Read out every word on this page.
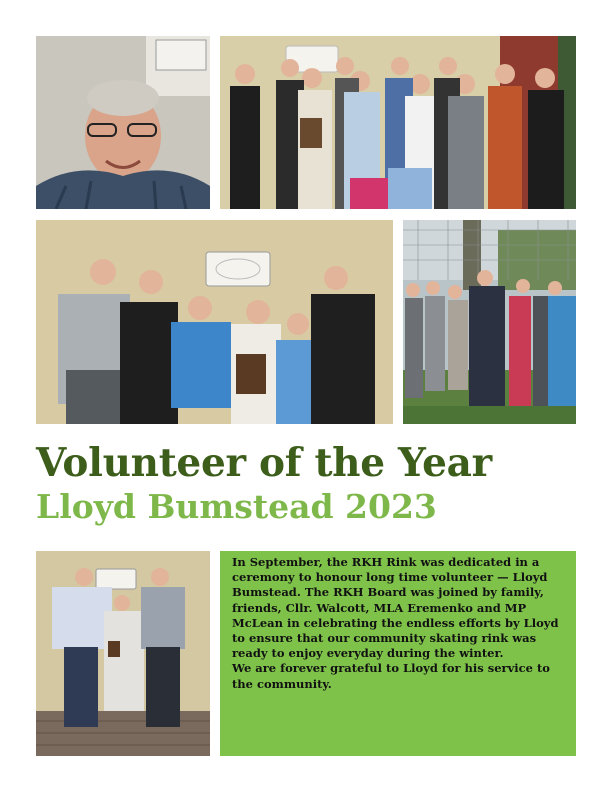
Volunteer of the Year
Lloyd Bumstead 2023

In September, the RKH Rink was dedicated in a ceremony to honour long time volunteer — Lloyd Bumstead. The RKH Board was joined by family, friends, Cllr. Walcott, MLA Eremenko and MP McLean in celebrating the endless efforts by Lloyd to ensure that our community skating rink was ready to enjoy everyday during the winter.

We are forever grateful to Lloyd for his service to the community.
